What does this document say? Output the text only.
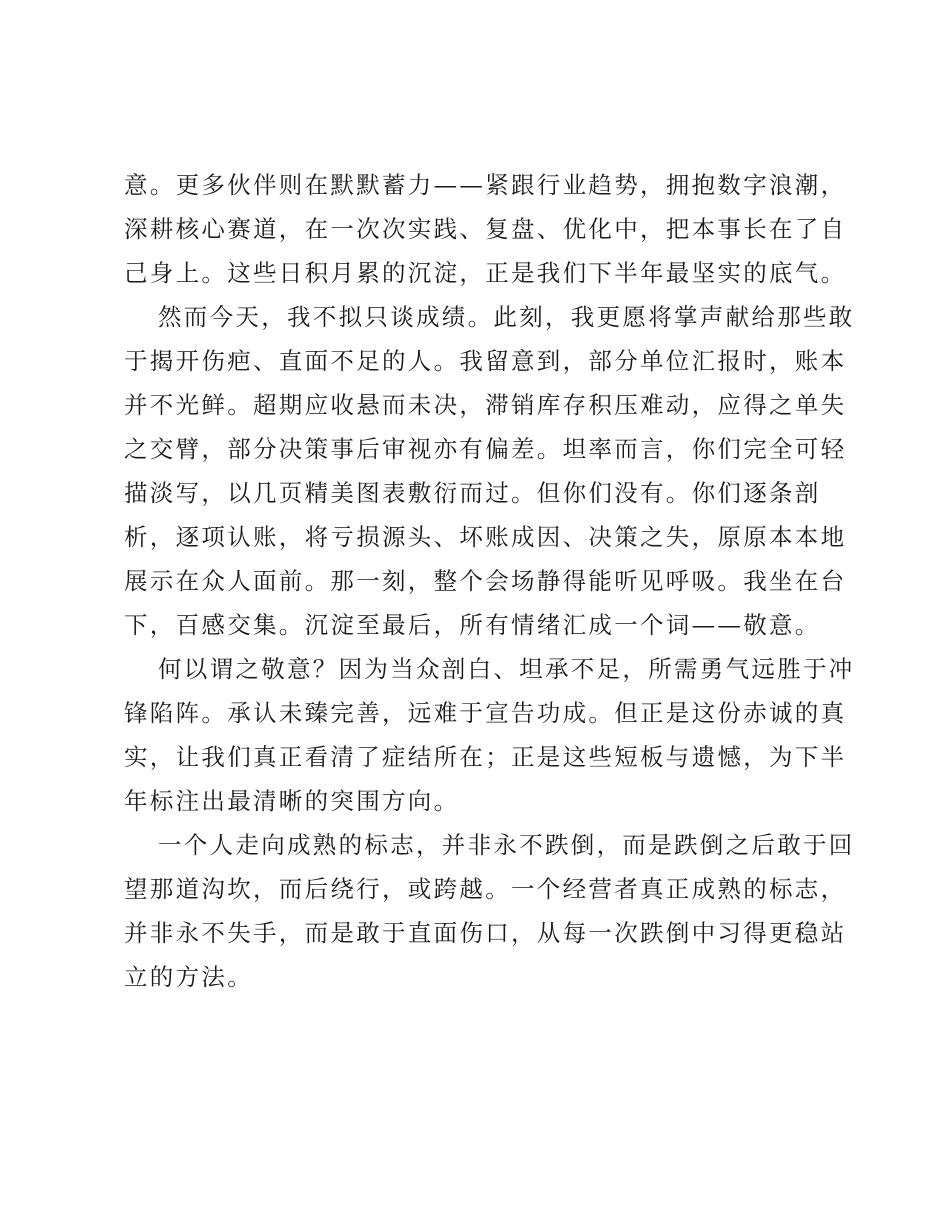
意。更多伙伴则在默默蓄力——紧跟行业趋势，拥抱数字浪潮，
深耕核心赛道，在一次次实践、复盘、优化中，把本事长在了自
己身上。这些日积月累的沉淀，正是我们下半年最坚实的底气。
然而今天，我不拟只谈成绩。此刻，我更愿将掌声献给那些敢
于揭开伤疤、直面不足的人。我留意到，部分单位汇报时，账本
并不光鲜。超期应收悬而未决，滞销库存积压难动，应得之单失
之交臂，部分决策事后审视亦有偏差。坦率而言，你们完全可轻
描淡写，以几页精美图表敷衍而过。但你们没有。你们逐条剖
析，逐项认账，将亏损源头、坏账成因、决策之失，原原本本地
展示在众人面前。那一刻，整个会场静得能听见呼吸。我坐在台
下，百感交集。沉淀至最后，所有情绪汇成一个词——敬意。
何以谓之敬意？因为当众剖白、坦承不足，所需勇气远胜于冲
锋陷阵。承认未臻完善，远难于宣告功成。但正是这份赤诚的真
实，让我们真正看清了症结所在；正是这些短板与遗憾，为下半
年标注出最清晰的突围方向。
一个人走向成熟的标志，并非永不跌倒，而是跌倒之后敢于回
望那道沟坎，而后绕行，或跨越。一个经营者真正成熟的标志，
并非永不失手，而是敢于直面伤口，从每一次跌倒中习得更稳站
立的方法。
